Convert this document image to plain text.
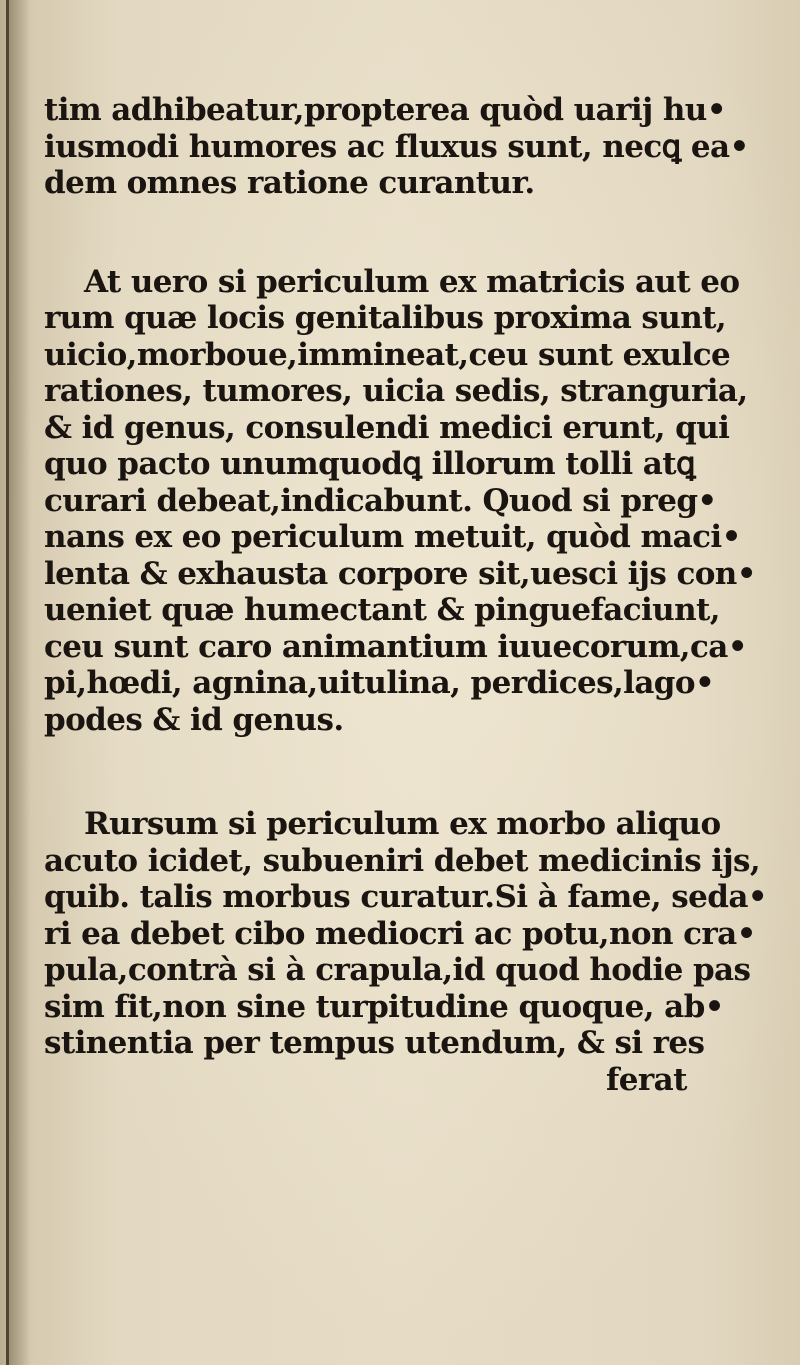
tim adhibeatur,propterea quòd uarij hu•
iusmodi humores ac fluxus sunt, necꝗ ea•
dem omnes ratione curantur.
At uero si periculum ex matricis aut eo
rum quæ locis genitalibus proxima sunt,
uicio,morboue,immineat,ceu sunt exulce
rationes, tumores, uicia sedis, stranguria,
& id genus, consulendi medici erunt, qui
quo pacto unumquodꝗ illorum tolli atꝗ
curari debeat,indicabunt. Quod si preg•
nans ex eo periculum metuit, quòd maci•
lenta & exhausta corpore sit,uesci ijs con•
ueniet quæ humectant & pinguefaciunt,
ceu sunt caro animantium iuuecorum,ca•
pi,hœdi, agnina,uitulina, perdices,lago•
podes & id genus.
Rursum si periculum ex morbo aliquo
acuto icidet, subueniri debet medicinis ijs,
quib. talis morbus curatur.Si à fame, seda•
ri ea debet cibo mediocri ac potu,non cra•
pula,contrà si à crapula,id quod hodie pas
sim fit,non sine turpitudine quoque, ab•
stinentia per tempus utendum, & si res
ferat
